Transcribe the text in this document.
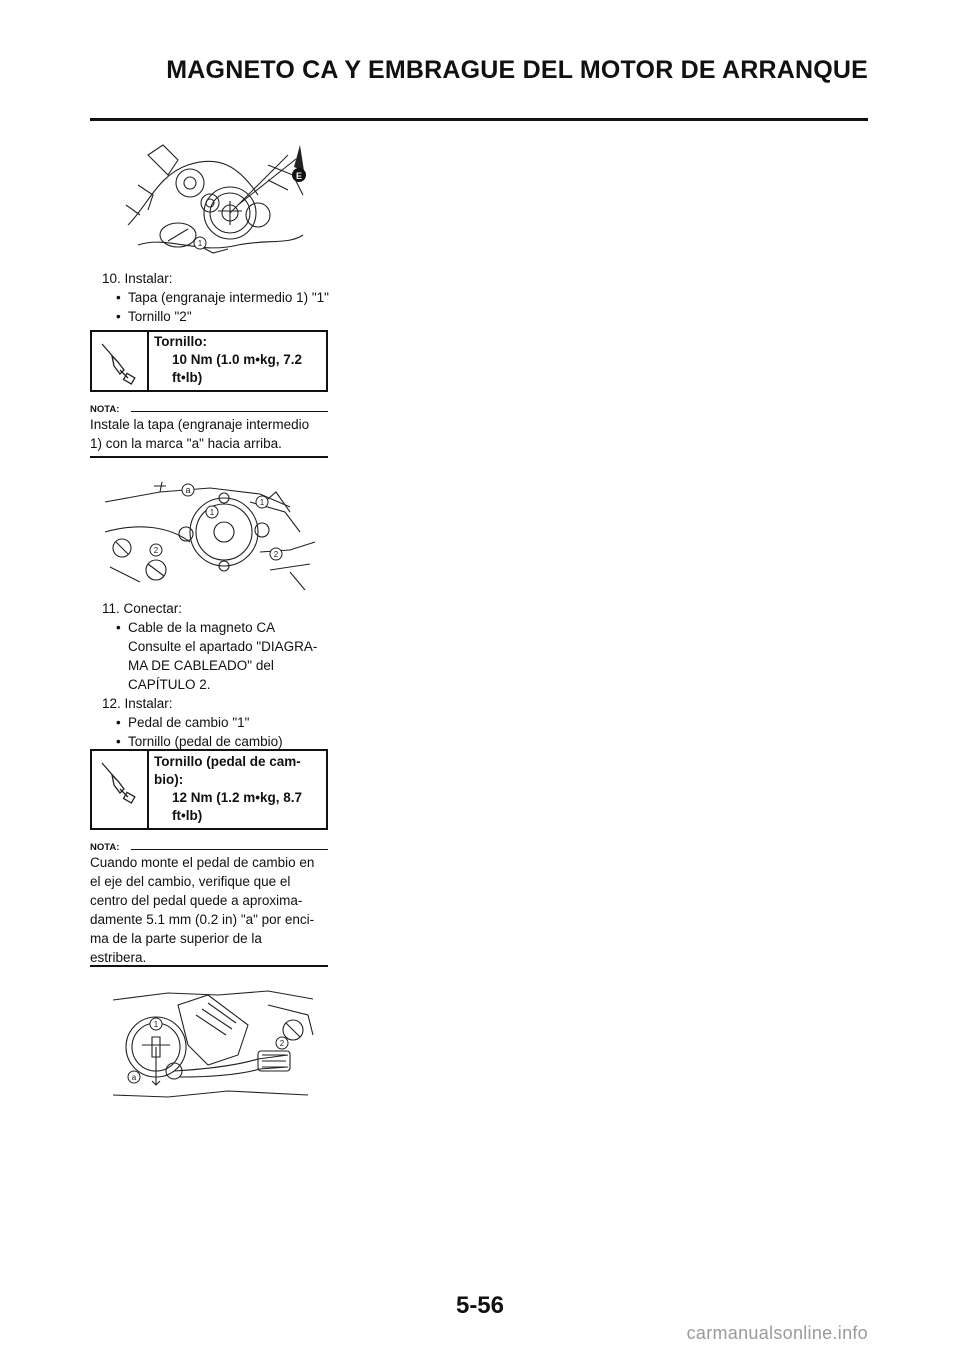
MAGNETO CA Y EMBRAGUE DEL MOTOR DE ARRANQUE
E
1
10. Instalar:
• Tapa (engranaje intermedio 1) "1"
• Tornillo "2"
Tornillo:
10 Nm (1.0 m•kg, 7.2
ft•lb)
NOTA:
Instale la tapa (engranaje intermedio
1) con la marca "a" hacia arriba.
a
1
1
2	2
11. Conectar:
• Cable de la magneto CA
Consulte el apartado "DIAGRA-
MA DE CABLEADO" del
CAPÍTULO 2.
12. Instalar:
• Pedal de cambio "1"
• Tornillo (pedal de cambio)
Tornillo (pedal de cam-
bio):
12 Nm (1.2 m•kg, 8.7
ft•lb)
NOTA:
Cuando monte el pedal de cambio en
el eje del cambio, verifique que el
centro del pedal quede a aproxima-
damente 5.1 mm (0.2 in) "a" por enci-
ma de la parte superior de la
estribera.
1
2
a
5-56
carmanualsonline.info
